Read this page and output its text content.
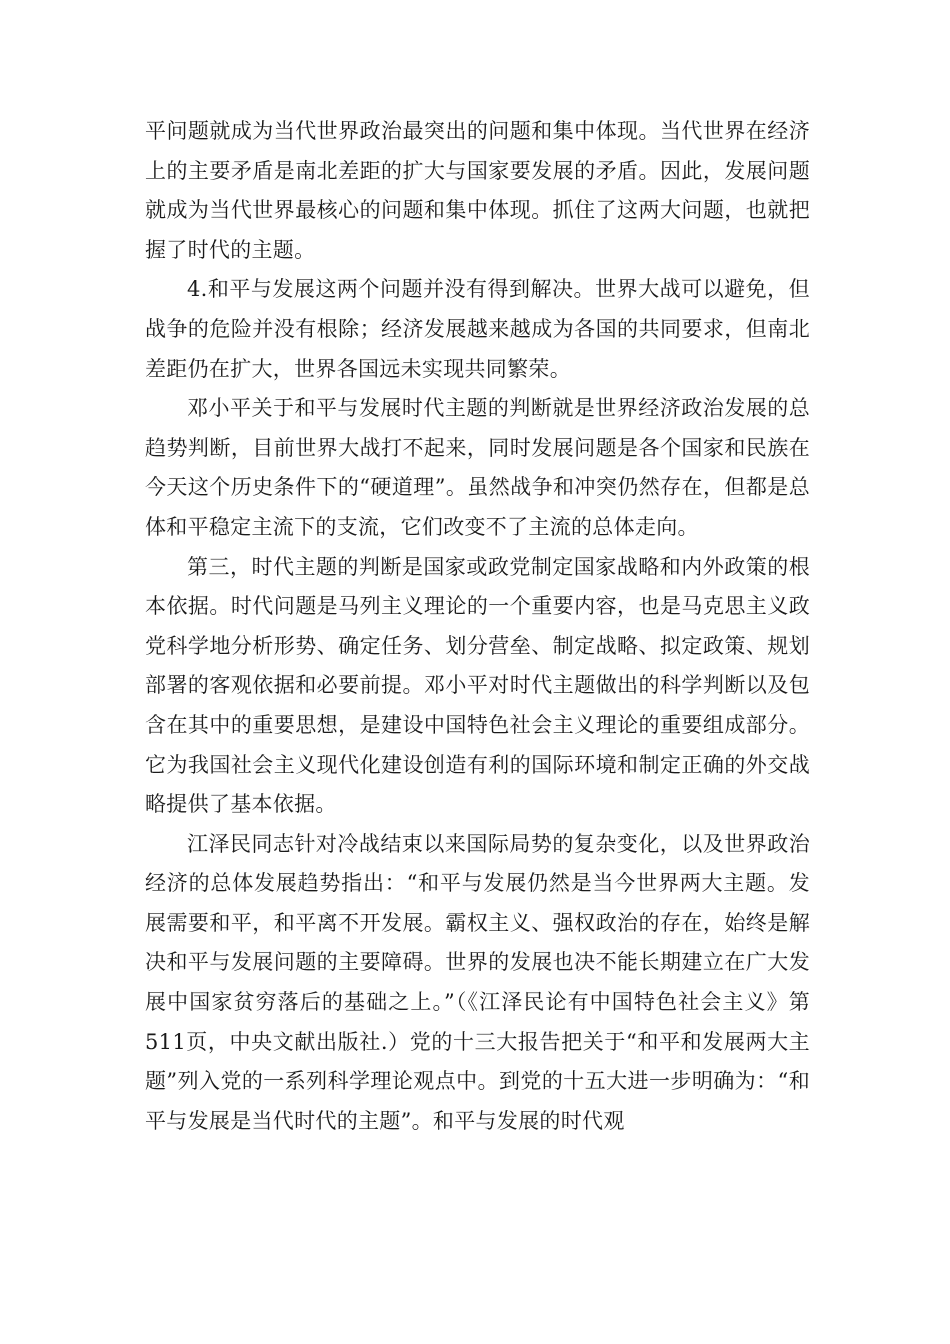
平问题就成为当代世界政治最突出的问题和集中体现。当代世界在经济上的主要矛盾是南北差距的扩大与国家要发展的矛盾。因此，发展问题就成为当代世界最核心的问题和集中体现。抓住了这两大问题，也就把握了时代的主题。

4.和平与发展这两个问题并没有得到解决。世界大战可以避免，但战争的危险并没有根除；经济发展越来越成为各国的共同要求，但南北差距仍在扩大，世界各国远未实现共同繁荣。

邓小平关于和平与发展时代主题的判断就是世界经济政治发展的总趋势判断，目前世界大战打不起来，同时发展问题是各个国家和民族在今天这个历史条件下的“硬道理”。虽然战争和冲突仍然存在，但都是总体和平稳定主流下的支流，它们改变不了主流的总体走向。

第三，时代主题的判断是国家或政党制定国家战略和内外政策的根本依据。时代问题是马列主义理论的一个重要内容，也是马克思主义政党科学地分析形势、确定任务、划分营垒、制定战略、拟定政策、规划部署的客观依据和必要前提。邓小平对时代主题做出的科学判断以及包含在其中的重要思想，是建设中国特色社会主义理论的重要组成部分。它为我国社会主义现代化建设创造有利的国际环境和制定正确的外交战略提供了基本依据。

江泽民同志针对冷战结束以来国际局势的复杂变化，以及世界政治经济的总体发展趋势指出：“和平与发展仍然是当今世界两大主题。发展需要和平，和平离不开发展。霸权主义、强权政治的存在，始终是解决和平与发展问题的主要障碍。世界的发展也决不能长期建立在广大发展中国家贫穷落后的基础之上。”（《江泽民论有中国特色社会主义》第511页，中央文献出版社.）党的十三大报告把关于“和平和发展两大主题”列入党的一系列科学理论观点中。到党的十五大进一步明确为：“和平与发展是当代时代的主题”。和平与发展的时代观
